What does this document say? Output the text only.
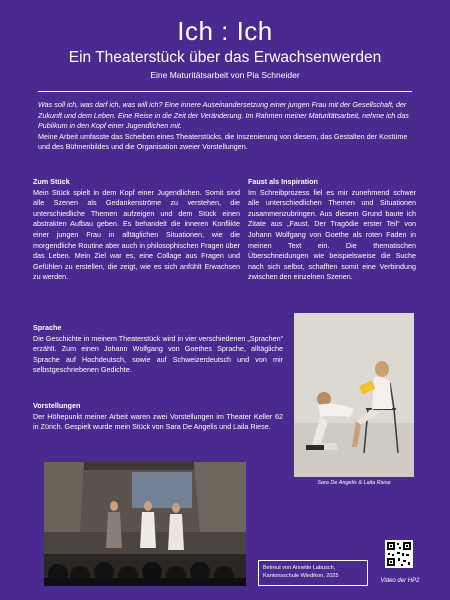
Ich : Ich
Ein Theaterstück über das Erwachsenwerden
Eine Maturitätsarbeit von Pia Schneider
Was soll ich, was darf ich, was will ich? Eine innere Auseinandersetzung einer jungen Frau mit der Gesellschaft, der Zukunft und dem Leben. Eine Reise in die Zeit der Veränderung. Im Rahmen meiner Maturitätsarbeit, nehme ich das Publikum in den Kopf einer Jugendlichen mit.
Meine Arbeit umfasste das Scheiben eines Theaterstücks, die Inszenierung von diesem, das Gestalten der Kostüme und des Bühnenbildes und die Organisation zweier Vorstellungen.
Zum Stück

Mein Stück spielt in dem Kopf einer Jugendlichen. Somit sind alle Szenen als Gedankenströme zu verstehen, die unterschiedliche Themen aufzeigen und dem Stück einen abstrakten Aufbau geben. Es behandelt die inneren Konflikte einer jungen Frau in alltäglichen Situationen, wie die morgendliche Routine aber auch in philosophischen Fragen über das Leben. Mein Ziel war es, eine Collage aus Fragen und Gefühlen zu erstellen, die zeigt, wie es sich anfühlt Erwachsen zu werden.

Faust als Inspiration

Im Schreibprozess fiel es mir zunehmend schwer alle unterschiedlichen Themen und Situationen zusammenzubringen. Aus diesem Grund baute ich Zitate aus „Faust. Der Tragödie erster Teil“ von Johann Wolfgang von Goethe als roten Faden in meinen Text ein. Die thematischen Überschneidungen wie beispielsweise die Suche nach sich selbst, schafften somit eine Verbindung zwischen den einzelnen Szenen.

Sprache

Die Geschichte in meinem Theaterstück wird in vier verschiedenen „Sprachen“ erzählt. Zum einen Johann Wolfgang von Goethes Sprache, alltägliche Sprache auf Hochdeutsch, sowie auf Schweizerdeutsch und von mir selbstgeschriebenen Gedichte.

Vorstellungen

Der Höhepunkt meiner Arbeit waren zwei Vorstellungen im Theater Keller 62 in Zürich. Gespielt wurde mein Stück von Sara De Angelis und Laila Riese.

Sara De Angelis & Laila Riese
Betreut von Annette Labusch,
Kantonsschule Wiedikon, 2025
Video der HP2
